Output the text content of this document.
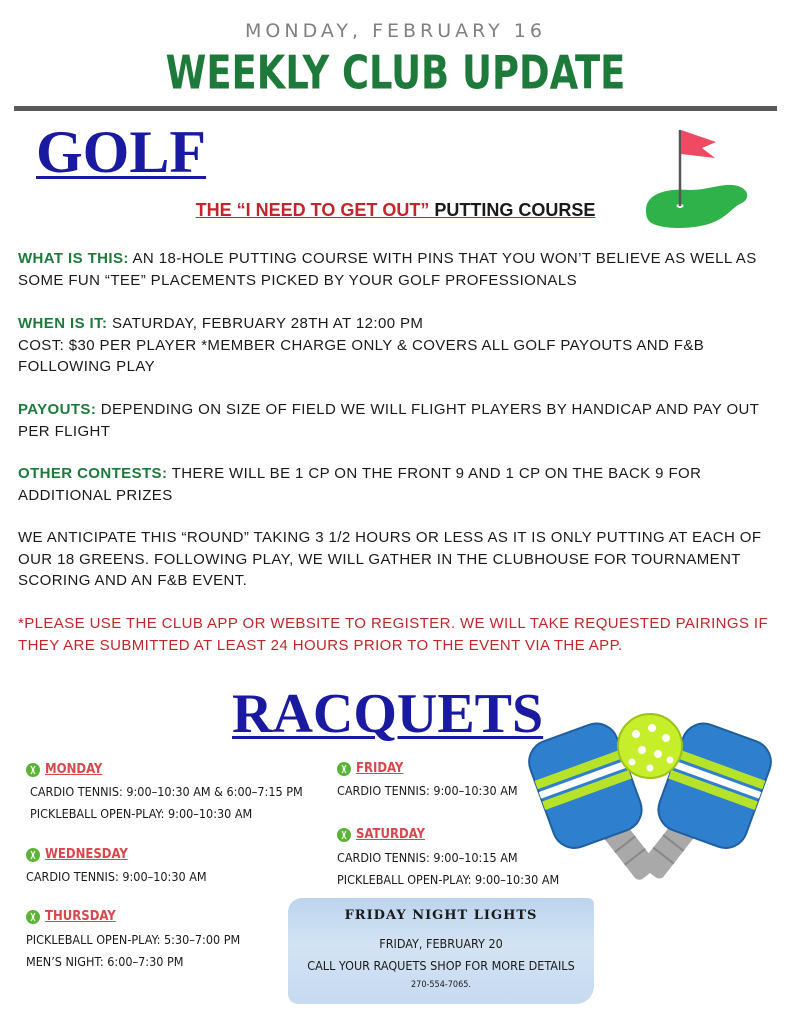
MONDAY, FEBRUARY 16
WEEKLY CLUB UPDATE
GOLF
THE “I NEED TO GET OUT” PUTTING COURSE
WHAT IS THIS: AN 18-HOLE PUTTING COURSE WITH PINS THAT YOU WON’T BELIEVE AS WELL AS SOME FUN “TEE” PLACEMENTS PICKED BY YOUR GOLF PROFESSIONALS
WHEN IS IT: SATURDAY, FEBRUARY 28TH AT 12:00 PM
COST: $30 PER PLAYER *MEMBER CHARGE ONLY & COVERS ALL GOLF PAYOUTS AND F&B FOLLOWING PLAY
PAYOUTS: DEPENDING ON SIZE OF FIELD WE WILL FLIGHT PLAYERS BY HANDICAP AND PAY OUT PER FLIGHT
OTHER CONTESTS: THERE WILL BE 1 CP ON THE FRONT 9 AND 1 CP ON THE BACK 9 FOR ADDITIONAL PRIZES
WE ANTICIPATE THIS “ROUND” TAKING 3 1/2 HOURS OR LESS AS IT IS ONLY PUTTING AT EACH OF OUR 18 GREENS. FOLLOWING PLAY, WE WILL GATHER IN THE CLUBHOUSE FOR TOURNAMENT SCORING AND AN F&B EVENT.
*PLEASE USE THE CLUB APP OR WEBSITE TO REGISTER. WE WILL TAKE REQUESTED PAIRINGS IF THEY ARE SUBMITTED AT LEAST 24 HOURS PRIOR TO THE EVENT VIA THE APP.
RACQUETS
MONDAY
CARDIO TENNIS: 9:00–10:30 AM & 6:00–7:15 PM
PICKLEBALL OPEN-PLAY: 9:00–10:30 AM
WEDNESDAY
CARDIO TENNIS: 9:00–10:30 AM
THURSDAY
PICKLEBALL OPEN-PLAY: 5:30–7:00 PM
MEN’S NIGHT: 6:00–7:30 PM
FRIDAY
CARDIO TENNIS: 9:00–10:30 AM
SATURDAY
CARDIO TENNIS: 9:00–10:15 AM
PICKLEBALL OPEN-PLAY: 9:00–10:30 AM
FRIDAY NIGHT LIGHTS
FRIDAY, FEBRUARY 20
CALL YOUR RAQUETS SHOP FOR MORE DETAILS
270-554-7065.
